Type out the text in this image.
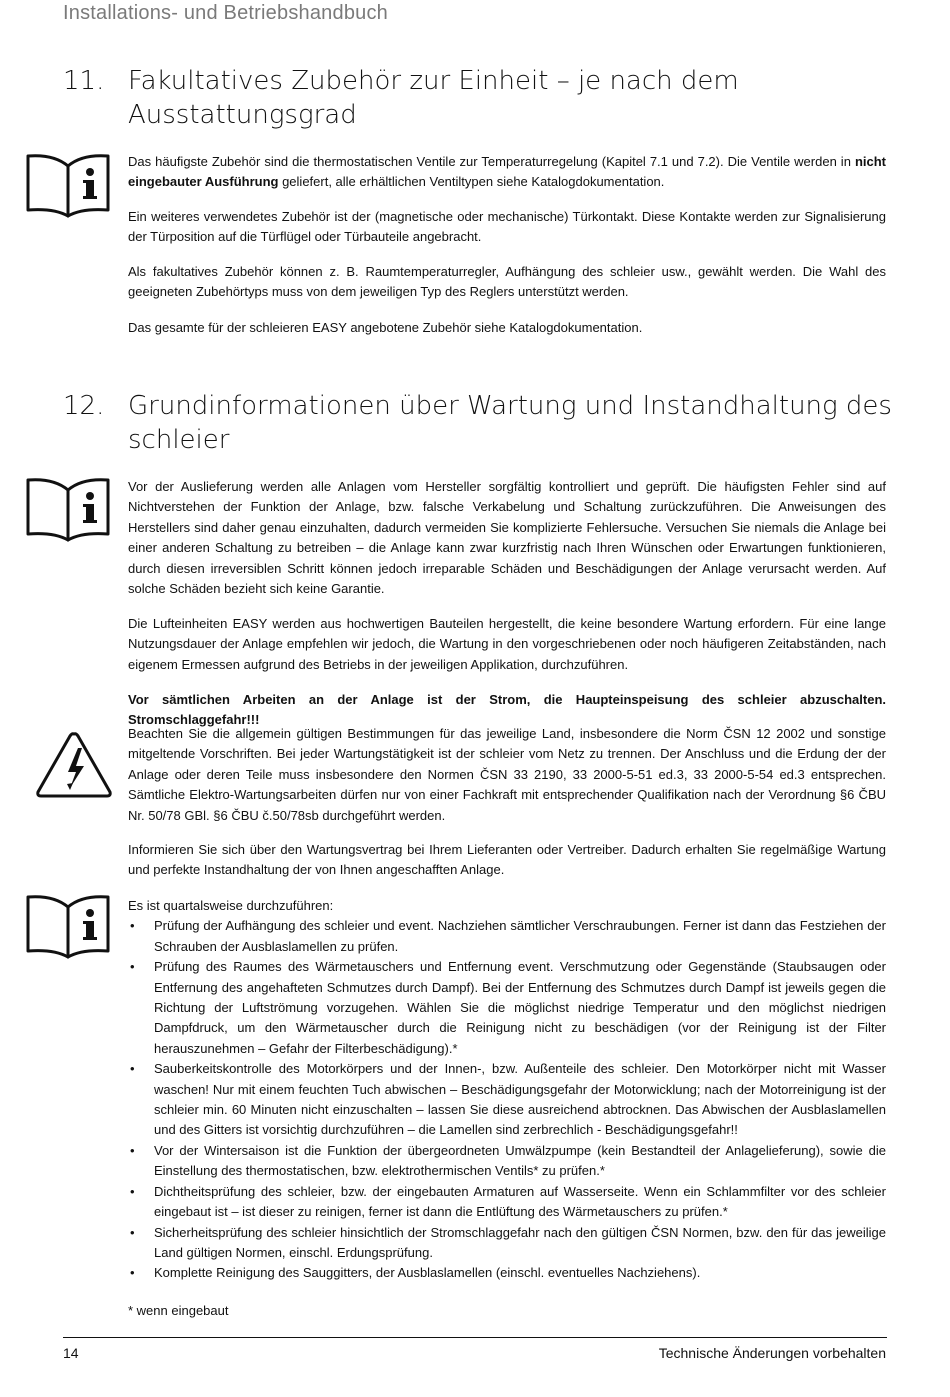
Installations- und Betriebshandbuch
11. Fakultatives Zubehör zur Einheit – je nach dem Ausstattungsgrad
Das häufigste Zubehör sind die thermostatischen Ventile zur Temperaturregelung (Kapitel 7.1 und 7.2). Die Ventile werden in nicht eingebauter Ausführung geliefert, alle erhältlichen Ventiltypen siehe Katalogdokumentation.
Ein weiteres verwendetes Zubehör ist der (magnetische oder mechanische) Türkontakt. Diese Kontakte werden zur Signalisierung der Türposition auf die Türflügel oder Türbauteile angebracht.
Als fakultatives Zubehör können z. B. Raumtemperaturregler, Aufhängung des schleier usw., gewählt werden. Die Wahl des geeigneten Zubehörtyps muss von dem jeweiligen Typ des Reglers unterstützt werden.
Das gesamte für der schleieren EASY angebotene Zubehör siehe Katalogdokumentation.
12. Grundinformationen über Wartung und Instandhaltung des schleier
Vor der Auslieferung werden alle Anlagen vom Hersteller sorgfältig kontrolliert und geprüft. Die häufigsten Fehler sind auf Nichtverstehen der Funktion der Anlage, bzw. falsche Verkabelung und Schaltung zurückzuführen. Die Anweisungen des Herstellers sind daher genau einzuhalten, dadurch vermeiden Sie komplizierte Fehlersuche. Versuchen Sie niemals die Anlage bei einer anderen Schaltung zu betreiben – die Anlage kann zwar kurzfristig nach Ihren Wünschen oder Erwartungen funktionieren, durch diesen irreversiblen Schritt können jedoch irreparable Schäden und Beschädigungen der Anlage verursacht werden. Auf solche Schäden bezieht sich keine Garantie.
Die Lufteinheiten EASY werden aus hochwertigen Bauteilen hergestellt, die keine besondere Wartung erfordern. Für eine lange Nutzungsdauer der Anlage empfehlen wir jedoch, die Wartung in den vorgeschriebenen oder noch häufigeren Zeitabständen, nach eigenem Ermessen aufgrund des Betriebs in der jeweiligen Applikation, durchzuführen.
Vor sämtlichen Arbeiten an der Anlage ist der Strom, die Haupteinspeisung des schleier abzuschalten. Stromschlaggefahr!!!
Beachten Sie die allgemein gültigen Bestimmungen für das jeweilige Land, insbesondere die Norm ČSN 12 2002 und sonstige mitgeltende Vorschriften. Bei jeder Wartungstätigkeit ist der schleier vom Netz zu trennen. Der Anschluss und die Erdung der der Anlage oder deren Teile muss insbesondere den Normen ČSN 33 2190, 33 2000-5-51 ed.3, 33 2000-5-54 ed.3 entsprechen. Sämtliche Elektro-Wartungsarbeiten dürfen nur von einer Fachkraft mit entsprechender Qualifikation nach der Verordnung §6 ČBU Nr. 50/78 GBl. §6 ČBU č.50/78sb durchgeführt werden.
Informieren Sie sich über den Wartungsvertrag bei Ihrem Lieferanten oder Vertreiber. Dadurch erhalten Sie regelmäßige Wartung und perfekte Instandhaltung der von Ihnen angeschafften Anlage.
Es ist quartalsweise durchzuführen:
• Prüfung der Aufhängung des schleier und event. Nachziehen sämtlicher Verschraubungen. Ferner ist dann das Festziehen der Schrauben der Ausblaslamellen zu prüfen.
• Prüfung des Raumes des Wärmetauschers und Entfernung event. Verschmutzung oder Gegenstände (Staubsaugen oder Entfernung des angehafteten Schmutzes durch Dampf). Bei der Entfernung des Schmutzes durch Dampf ist jeweils gegen die Richtung der Luftströmung vorzugehen. Wählen Sie die möglichst niedrige Temperatur und den möglichst niedrigen Dampfdruck, um den Wärmetauscher durch die Reinigung nicht zu beschädigen (vor der Reinigung ist der Filter herauszunehmen – Gefahr der Filterbeschädigung).*
• Sauberkeitskontrolle des Motorkörpers und der Innen-, bzw. Außenteile des schleier. Den Motorkörper nicht mit Wasser waschen! Nur mit einem feuchten Tuch abwischen – Beschädigungsgefahr der Motorwicklung; nach der Motorreinigung ist der schleier min. 60 Minuten nicht einzuschalten – lassen Sie diese ausreichend abtrocknen. Das Abwischen der Ausblaslamellen und des Gitters ist vorsichtig durchzuführen – die Lamellen sind zerbrechlich - Beschädigungsgefahr!!
• Vor der Wintersaison ist die Funktion der übergeordneten Umwälzpumpe (kein Bestandteil der Anlagelieferung), sowie die Einstellung des thermostatischen, bzw. elektrothermischen Ventils* zu prüfen.*
• Dichtheitsprüfung des schleier, bzw. der eingebauten Armaturen auf Wasserseite. Wenn ein Schlammfilter vor des schleier eingebaut ist – ist dieser zu reinigen, ferner ist dann die Entlüftung des Wärmetauschers zu prüfen.*
• Sicherheitsprüfung des schleier hinsichtlich der Stromschlaggefahr nach den gültigen ČSN Normen, bzw. den für das jeweilige Land gültigen Normen, einschl. Erdungsprüfung.
• Komplette Reinigung des Sauggitters, der Ausblaslamellen (einschl. eventuelles Nachziehens).
* wenn eingebaut
14	Technische Änderungen vorbehalten
